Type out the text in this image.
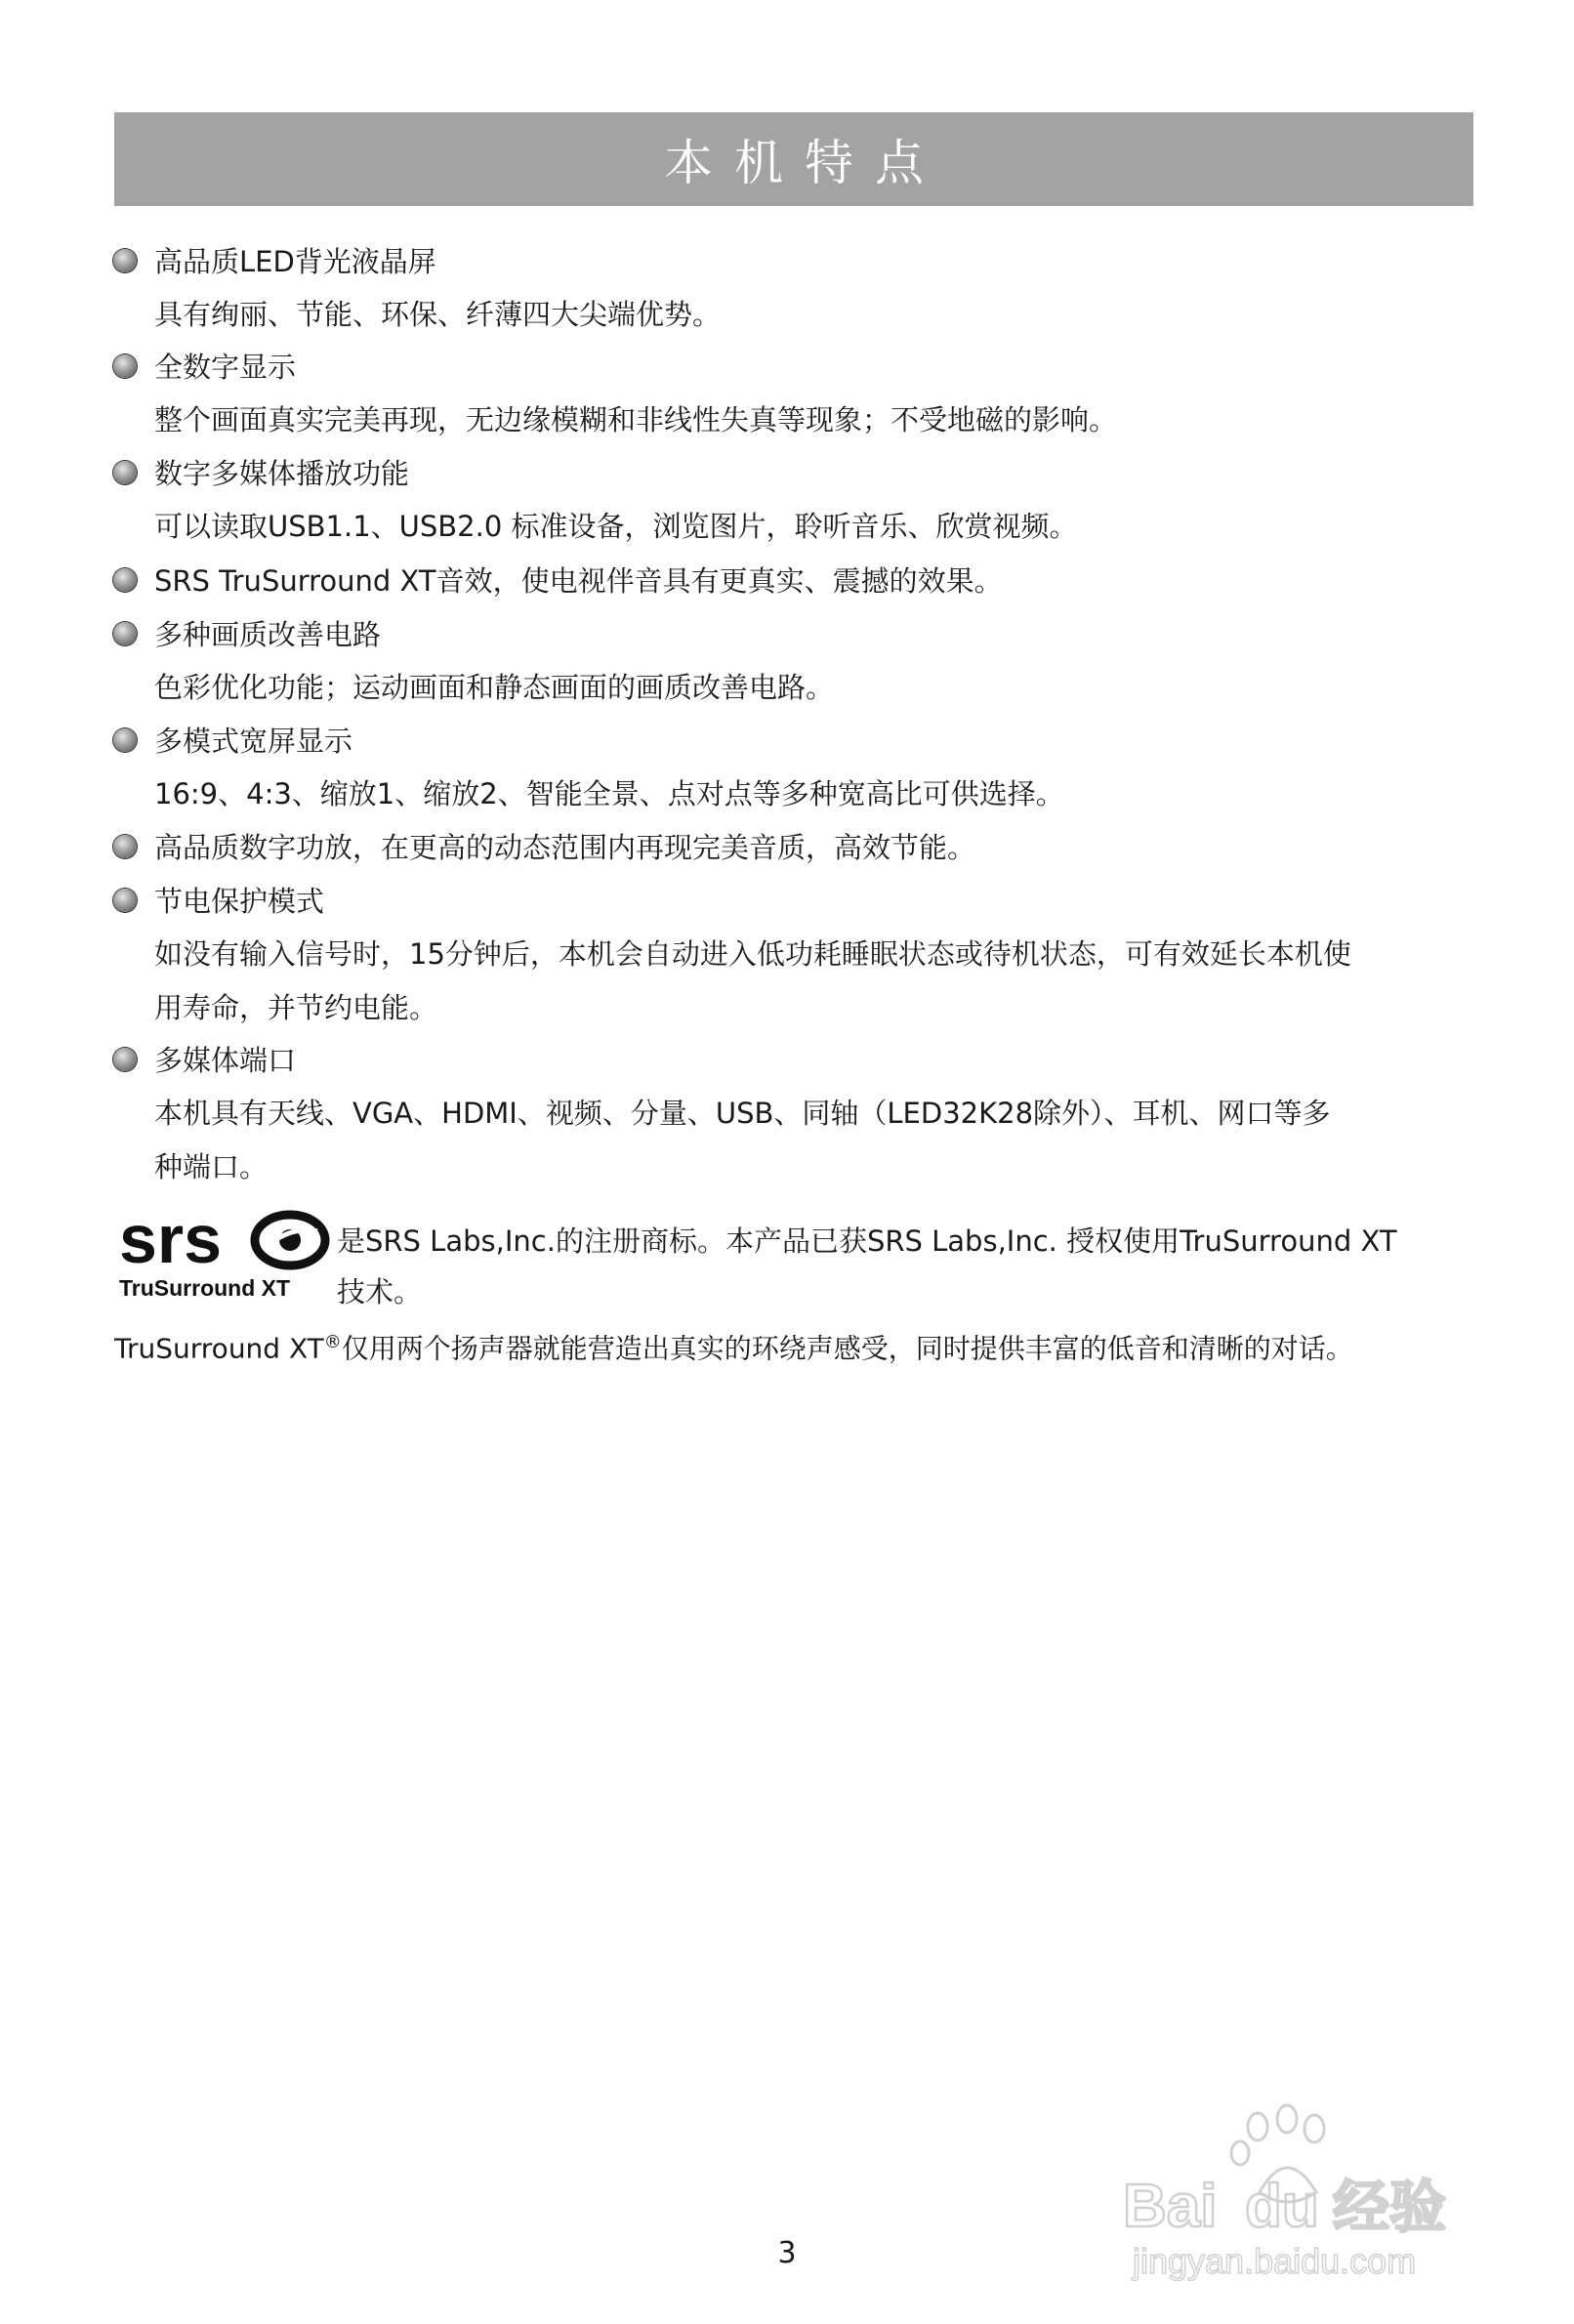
本机特点
高品质LED背光液晶屏
具有绚丽、节能、环保、纤薄四大尖端优势。
全数字显示
整个画面真实完美再现，无边缘模糊和非线性失真等现象；不受地磁的影响。
数字多媒体播放功能
可以读取USB1.1、USB2.0 标准设备，浏览图片，聆听音乐、欣赏视频。
SRS TruSurround XT音效，使电视伴音具有更真实、震撼的效果。
多种画质改善电路
色彩优化功能；运动画面和静态画面的画质改善电路。
多模式宽屏显示
16:9、4:3、缩放1、缩放2、智能全景、点对点等多种宽高比可供选择。
高品质数字功放，在更高的动态范围内再现完美音质，高效节能。
节电保护模式
如没有输入信号时，15分钟后，本机会自动进入低功耗睡眠状态或待机状态，可有效延长本机使
用寿命，并节约电能。
多媒体端口
本机具有天线、VGA、HDMI、视频、分量、USB、同轴（LED32K28除外）、耳机、网口等多
种端口。
srs
TruSurround XT
是SRS Labs,Inc.的注册商标。本产品已获SRS Labs,Inc. 授权使用TruSurround XT
技术。
TruSurround XT®仅用两个扬声器就能营造出真实的环绕声感受，同时提供丰富的低音和清晰的对话。
Bai du 经验
jingyan.baidu.com
3
